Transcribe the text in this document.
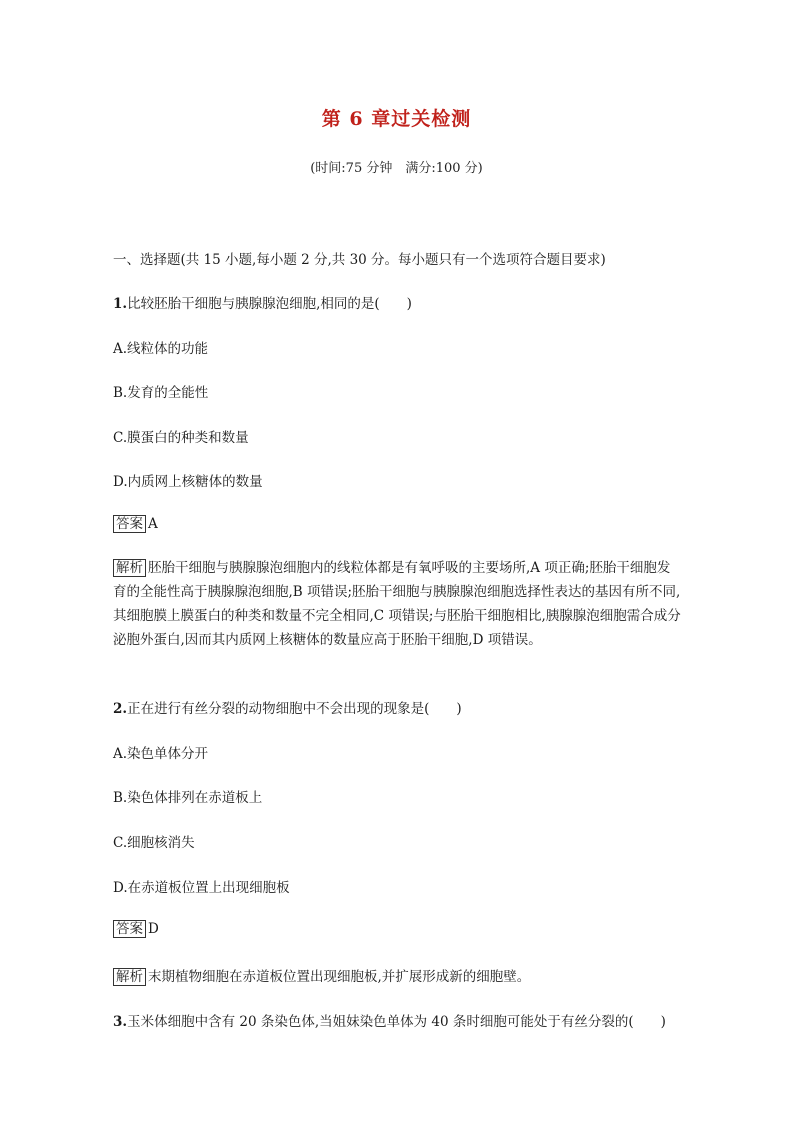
第 6 章过关检测
(时间:75 分钟　满分:100 分)
一、选择题(共 15 小题,每小题 2 分,共 30 分。每小题只有一个选项符合题目要求)
1.比较胚胎干细胞与胰腺腺泡细胞,相同的是(　　)
A.线粒体的功能
B.发育的全能性
C.膜蛋白的种类和数量
D.内质网上核糖体的数量
答案 A
解析 胚胎干细胞与胰腺腺泡细胞内的线粒体都是有氧呼吸的主要场所,A 项正确;胚胎干细胞发育的全能性高于胰腺腺泡细胞,B 项错误;胚胎干细胞与胰腺腺泡细胞选择性表达的基因有所不同,其细胞膜上膜蛋白的种类和数量不完全相同,C 项错误;与胚胎干细胞相比,胰腺腺泡细胞需合成分泌胞外蛋白,因而其内质网上核糖体的数量应高于胚胎干细胞,D 项错误。
2.正在进行有丝分裂的动物细胞中不会出现的现象是(　　)
A.染色单体分开
B.染色体排列在赤道板上
C.细胞核消失
D.在赤道板位置上出现细胞板
答案 D
解析 末期植物细胞在赤道板位置出现细胞板,并扩展形成新的细胞壁。
3.玉米体细胞中含有 20 条染色体,当姐妹染色单体为 40 条时细胞可能处于有丝分裂的(　　)
